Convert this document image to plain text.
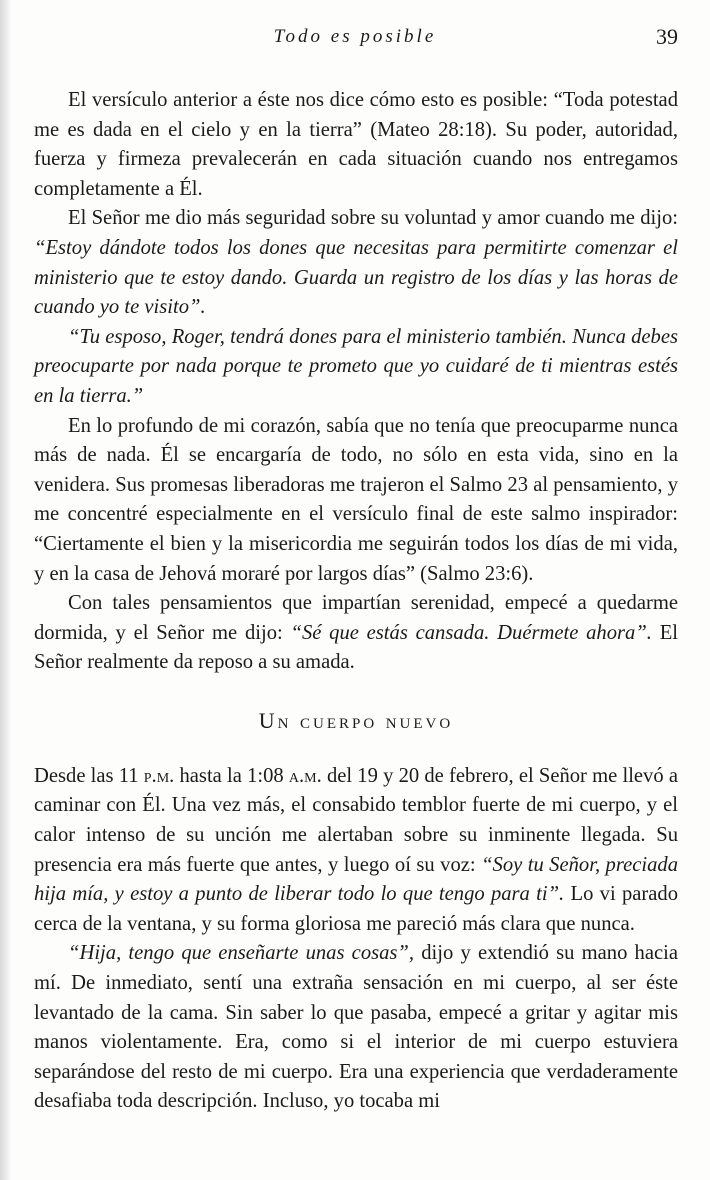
Todo es posible	39

El versículo anterior a éste nos dice cómo esto es posible: “Toda potestad me es dada en el cielo y en la tierra” (Mateo 28:18). Su poder, autoridad, fuerza y firmeza prevalecerán en cada situación cuando nos entregamos completamente a Él.

El Señor me dio más seguridad sobre su voluntad y amor cuando me dijo: “Estoy dándote todos los dones que necesitas para permitirte comenzar el ministerio que te estoy dando. Guarda un registro de los días y las horas de cuando yo te visito”.

“Tu esposo, Roger, tendrá dones para el ministerio también. Nunca debes preocuparte por nada porque te prometo que yo cuidaré de ti mientras estés en la tierra.”

En lo profundo de mi corazón, sabía que no tenía que preocuparme nunca más de nada. Él se encargaría de todo, no sólo en esta vida, sino en la venidera. Sus promesas liberadoras me trajeron el Salmo 23 al pensamiento, y me concentré especialmente en el versículo final de este salmo inspirador: “Ciertamente el bien y la misericordia me seguirán todos los días de mi vida, y en la casa de Jehová moraré por largos días” (Salmo 23:6).

Con tales pensamientos que impartían serenidad, empecé a quedarme dormida, y el Señor me dijo: “Sé que estás cansada. Duérmete ahora”. El Señor realmente da reposo a su amada.

Un cuerpo nuevo

Desde las 11 p.m. hasta la 1:08 a.m. del 19 y 20 de febrero, el Señor me llevó a caminar con Él. Una vez más, el consabido temblor fuerte de mi cuerpo, y el calor intenso de su unción me alertaban sobre su inminente llegada. Su presencia era más fuerte que antes, y luego oí su voz: “Soy tu Señor, preciada hija mía, y estoy a punto de liberar todo lo que tengo para ti”. Lo vi parado cerca de la ventana, y su forma gloriosa me pareció más clara que nunca.

“Hija, tengo que enseñarte unas cosas”, dijo y extendió su mano hacia mí. De inmediato, sentí una extraña sensación en mi cuerpo, al ser éste levantado de la cama. Sin saber lo que pasaba, empecé a gritar y agitar mis manos violentamente. Era, como si el interior de mi cuerpo estuviera separándose del resto de mi cuerpo. Era una experiencia que verdaderamente desafiaba toda descripción. Incluso, yo tocaba mi
